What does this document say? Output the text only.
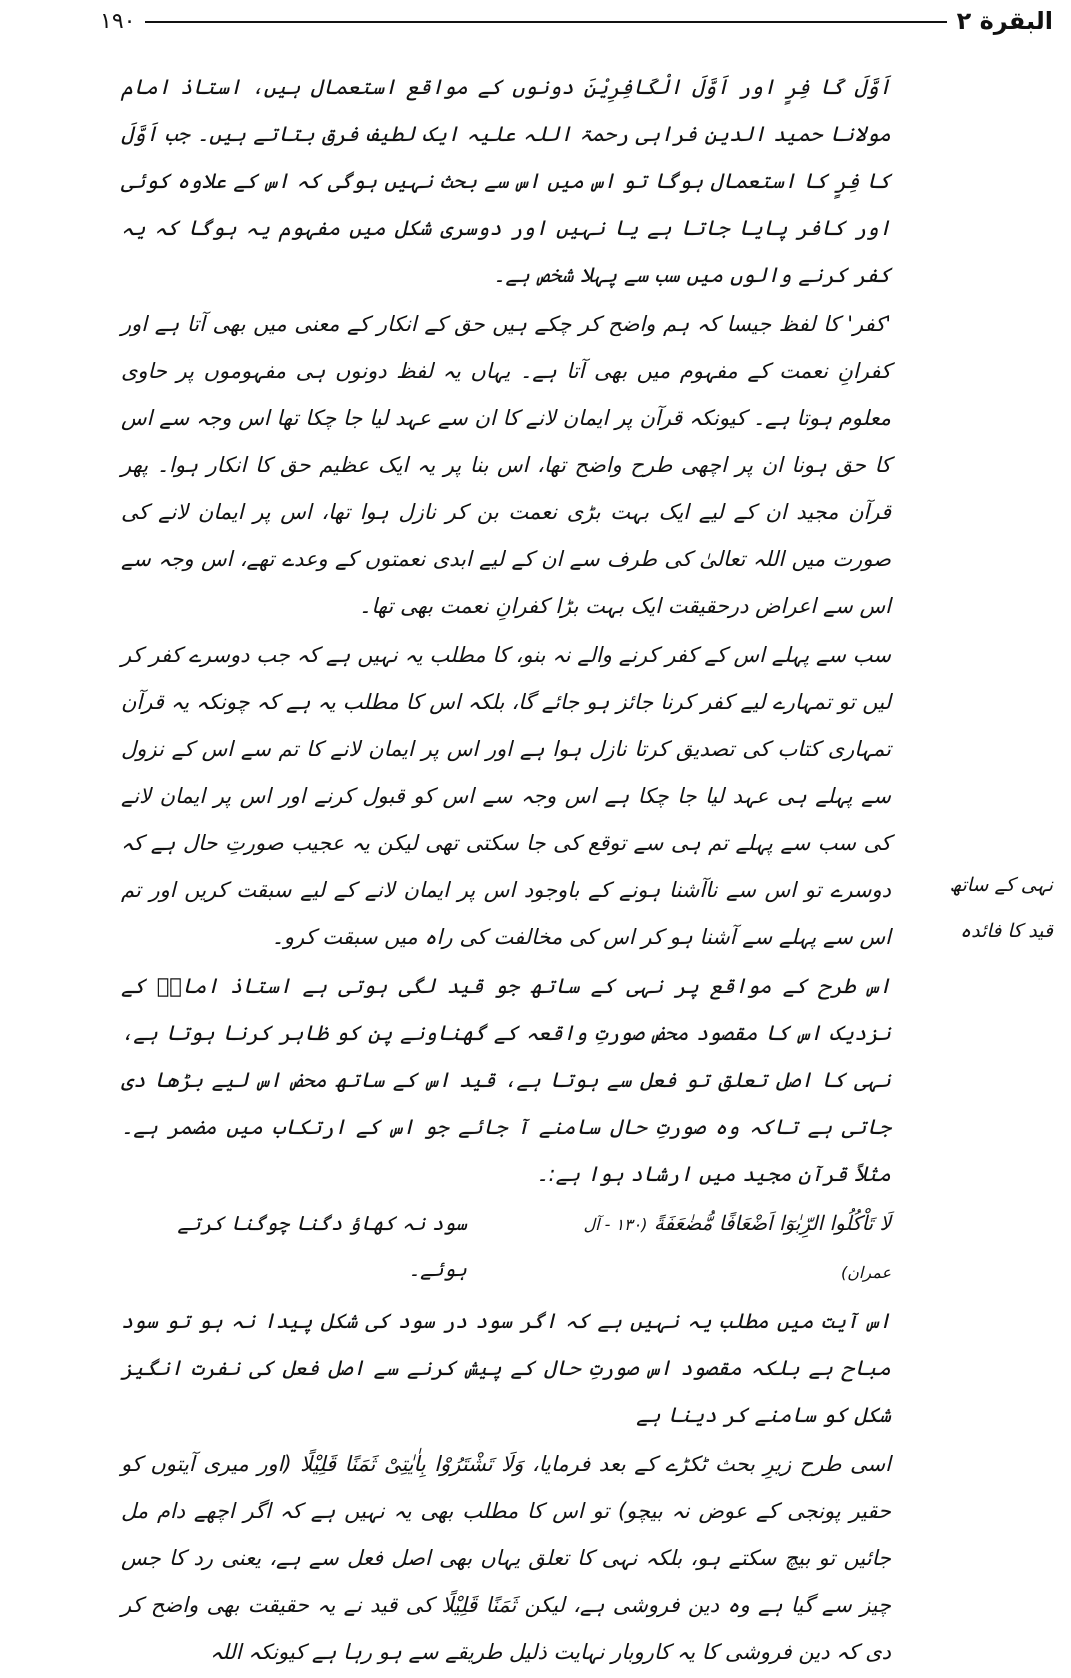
البقرة ٢
١٩٠
نہی کے ساتھ
قید کا فائدہ

اَوَّلَ کَا فِرٍ اور اَوَّلَ الْکَافِرِیْنَ دونوں کے مواقع استعمال ہیں، استاذ امام مولانا حمید الدین فراہی رحمۃ اللہ علیہ ایک لطیف فرق بتاتے ہیں۔ جب اَوَّلَ کا فِرٍ کا استعمال ہوگا تو اس میں اس سے بحث نہیں ہوگی کہ اس کے علاوہ کوئی اور کافر پایا جاتا ہے یا نہیں اور دوسری شکل میں مفہوم یہ ہوگا کہ یہ کفر کرنے والوں میں سب سے پہلا شخص ہے۔

'کفر' کا لفظ جیسا کہ ہم واضح کر چکے ہیں حق کے انکار کے معنی میں بھی آتا ہے اور کفرانِ نعمت کے مفہوم میں بھی آتا ہے۔ یہاں یہ لفظ دونوں ہی مفہوموں پر حاوی معلوم ہوتا ہے۔ کیونکہ قرآن پر ایمان لانے کا ان سے عہد لیا جا چکا تھا اس وجہ سے اس کا حق ہونا ان پر اچھی طرح واضح تھا، اس بنا پر یہ ایک عظیم حق کا انکار ہوا۔ پھر قرآن مجید ان کے لیے ایک بہت بڑی نعمت بن کر نازل ہوا تھا، اس پر ایمان لانے کی صورت میں اللہ تعالیٰ کی طرف سے ان کے لیے ابدی نعمتوں کے وعدے تھے، اس وجہ سے اس سے اعراض درحقیقت ایک بہت بڑا کفرانِ نعمت بھی تھا۔

سب سے پہلے اس کے کفر کرنے والے نہ بنو، کا مطلب یہ نہیں ہے کہ جب دوسرے کفر کر لیں تو تمہارے لیے کفر کرنا جائز ہو جائے گا، بلکہ اس کا مطلب یہ ہے کہ چونکہ یہ قرآن تمہاری کتاب کی تصدیق کرتا نازل ہوا ہے اور اس پر ایمان لانے کا تم سے اس کے نزول سے پہلے ہی عہد لیا جا چکا ہے اس وجہ سے اس کو قبول کرنے اور اس پر ایمان لانے کی سب سے پہلے تم ہی سے توقع کی جا سکتی تھی لیکن یہ عجیب صورتِ حال ہے کہ دوسرے تو اس سے ناآشنا ہونے کے باوجود اس پر ایمان لانے کے لیے سبقت کریں اور تم اس سے پہلے سے آشنا ہو کر اس کی مخالفت کی راہ میں سبقت کرو۔

اس طرح کے مواقع پر نہی کے ساتھ جو قید لگی ہوتی ہے استاذ امامؒ کے نزدیک اس کا مقصود محض صورتِ واقعہ کے گھناونے پن کو ظاہر کرنا ہوتا ہے، نہی کا اصل تعلق تو فعل سے ہوتا ہے، قید اس کے ساتھ محض اس لیے بڑھا دی جاتی ہے تاکہ وہ صورتِ حال سامنے آ جائے جو اس کے ارتکاب میں مضمر ہے۔ مثلاً قرآن مجید میں ارشاد ہوا ہے:۔

لَا تَاْكُلُوا الرِّبٰوٓا اَضْعَافًا مُّضٰعَفَةً (۱۳۰ - آل عمران)
سود نہ کھاؤ دگنا چوگنا کرتے ہوئے۔

اس آیت میں مطلب یہ نہیں ہے کہ اگر سود در سود کی شکل پیدا نہ ہو تو سود مباح ہے بلکہ مقصود اس صورتِ حال کے پیش کرنے سے اصل فعل کی نفرت انگیز شکل کو سامنے کر دینا ہے

اسی طرح زیرِ بحث ٹکڑے کے بعد فرمایا، وَلَا تَشْتَرُوْا بِاٰيٰتِیْ ثَمَنًا قَلِيْلًا (اور میری آیتوں کو حقیر پونجی کے عوض نہ بیچو) تو اس کا مطلب بھی یہ نہیں ہے کہ اگر اچھے دام مل جائیں تو بیچ سکتے ہو، بلکہ نہی کا تعلق یہاں بھی اصل فعل سے ہے، یعنی رد کا جس چیز سے گیا ہے وہ دین فروشی ہے، لیکن ثَمَنًا قَلِيْلًا کی قید نے یہ حقیقت بھی واضح کر دی کہ دین فروشی کا یہ کاروبار نہایت ذلیل طریقے سے ہو رہا ہے کیونکہ اللہ
